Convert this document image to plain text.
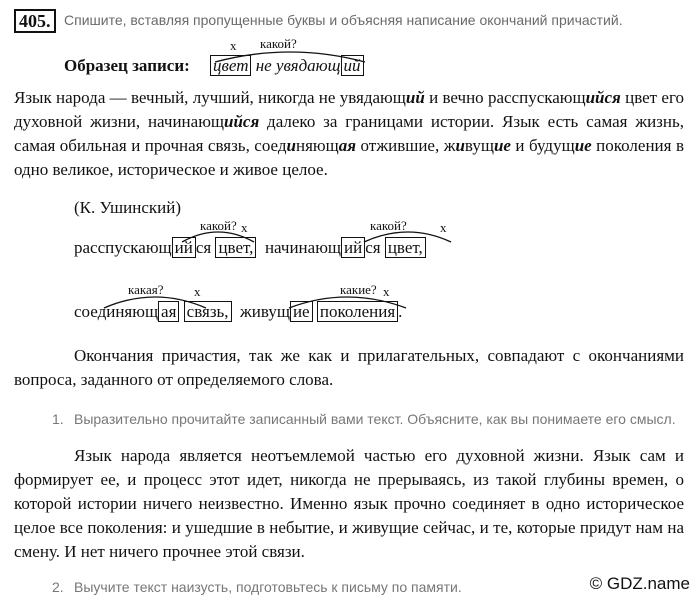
405. Спишите, вставляя пропущенные буквы и объясняя написание окончаний причастий.
х какой?
Образец записи: цвет не увядающ ий
Язык народа — вечный, лучший, никогда не увядающий и вечно расспускающийся цвет его духовной жизни, начинающийся далеко за границами истории. Язык есть самая жизнь, самая обильная и прочная связь, соединяющая отжившие, живущие и будущие поколения в одно великое, историческое и живое целое.
(К. Ушинский)
какой? х	какой?	х
расспускающ ий ся цвет, начинающ ий ся цвет,
какая? х	какие? х
соединяющ ая связь, живущ ие поколения .
Окончания причастия, так же как и прилагательных, совпадают с окончаниями вопроса, заданного от определяемого слова.
1. Выразительно прочитайте записанный вами текст. Объясните, как вы понимаете его смысл.
Язык народа является неотъемлемой частью его духовной жизни. Язык сам и формирует ее, и процесс этот идет, никогда не прерываясь, из такой глубины времен, о которой истории ничего неизвестно. Именно язык прочно соединяет в одно историческое целое все поколения: и ушедшие в небытие, и живущие сейчас, и те, которые придут нам на смену. И нет ничего прочнее этой связи.
2. Выучите текст наизусть, подготовьтесь к письму по памяти.	© GDZ.name
